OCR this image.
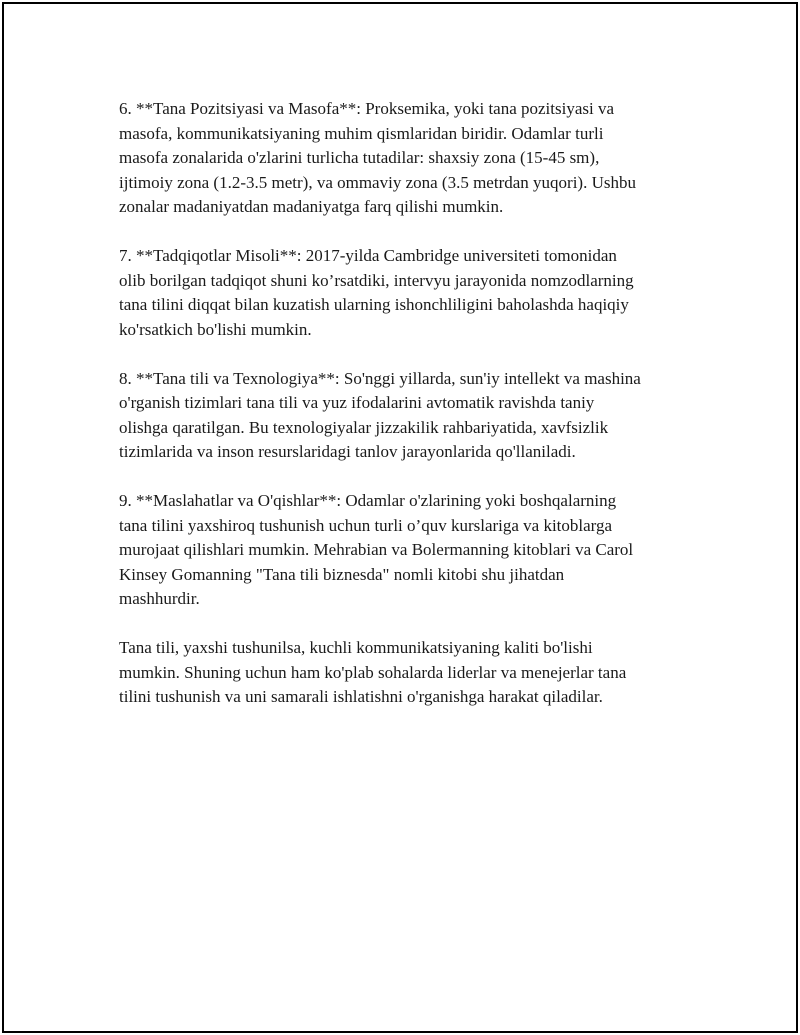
6. **Tana Pozitsiyasi va Masofa**: Proksemika, yoki tana pozitsiyasi va
masofa, kommunikatsiyaning muhim qismlaridan biridir. Odamlar turli
masofa zonalarida o'zlarini turlicha tutadilar: shaxsiy zona (15-45 sm),
ijtimoiy zona (1.2-3.5 metr), va ommaviy zona (3.5 metrdan yuqori). Ushbu
zonalar madaniyatdan madaniyatga farq qilishi mumkin.

7. **Tadqiqotlar Misoli**: 2017-yilda Cambridge universiteti tomonidan
olib borilgan tadqiqot shuni ko’rsatdiki, intervyu jarayonida nomzodlarning
tana tilini diqqat bilan kuzatish ularning ishonchliligini baholashda haqiqiy
ko'rsatkich bo'lishi mumkin.

8. **Tana tili va Texnologiya**: So'nggi yillarda, sun'iy intellekt va mashina
o'rganish tizimlari tana tili va yuz ifodalarini avtomatik ravishda taniy
olishga qaratilgan. Bu texnologiyalar jizzakilik rahbariyatida, xavfsizlik
tizimlarida va inson resurslaridagi tanlov jarayonlarida qo'llaniladi.

9. **Maslahatlar va O'qishlar**: Odamlar o'zlarining yoki boshqalarning
tana tilini yaxshiroq tushunish uchun turli o’quv kurslariga va kitoblarga
murojaat qilishlari mumkin. Mehrabian va Bolermanning kitoblari va Carol
Kinsey Gomanning "Tana tili biznesda" nomli kitobi shu jihatdan
mashhurdir.

Tana tili, yaxshi tushunilsa, kuchli kommunikatsiyaning kaliti bo'lishi
mumkin. Shuning uchun ham ko'plab sohalarda liderlar va menejerlar tana
tilini tushunish va uni samarali ishlatishni o'rganishga harakat qiladilar.
